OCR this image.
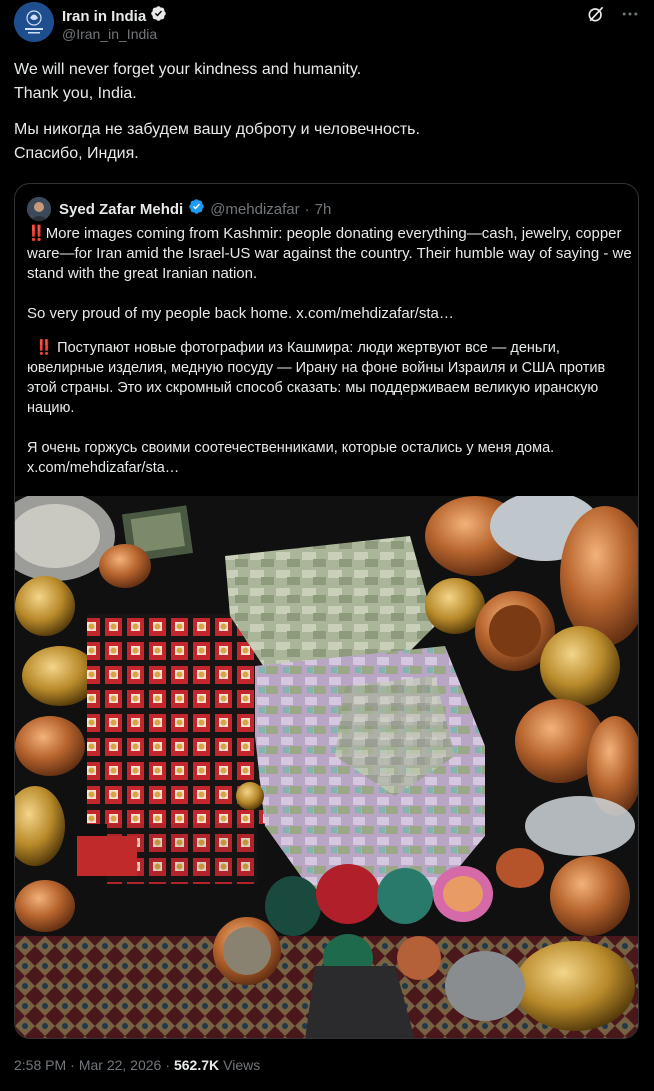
Iran in India
@Iran_in_India

We will never forget your kindness and humanity.

Thank you, India.

Мы никогда не забудем вашу доброту и человечность.

Спасибо, Индия.

Syed Zafar Mehdi @mehdizafar · 7h

‼️More images coming from Kashmir: people donating everything—cash, jewelry, copper ware—for Iran amid the Israel-US war against the country. Their humble way of saying - we stand with the great Iranian nation.

So very proud of my people back home. x.com/mehdizafar/sta…

‼️ Поступают новые фотографии из Кашмира: люди жертвуют все — деньги, ювелирные изделия, медную посуду — Ирану на фоне войны Израиля и США против этой страны. Это их скромный способ сказать: мы поддерживаем великую иранскую нацию.

Я очень горжусь своими соотечественниками, которые остались у меня дома.

x.com/mehdizafar/sta…

2:58 PM · Mar 22, 2026 · 562.7K Views
